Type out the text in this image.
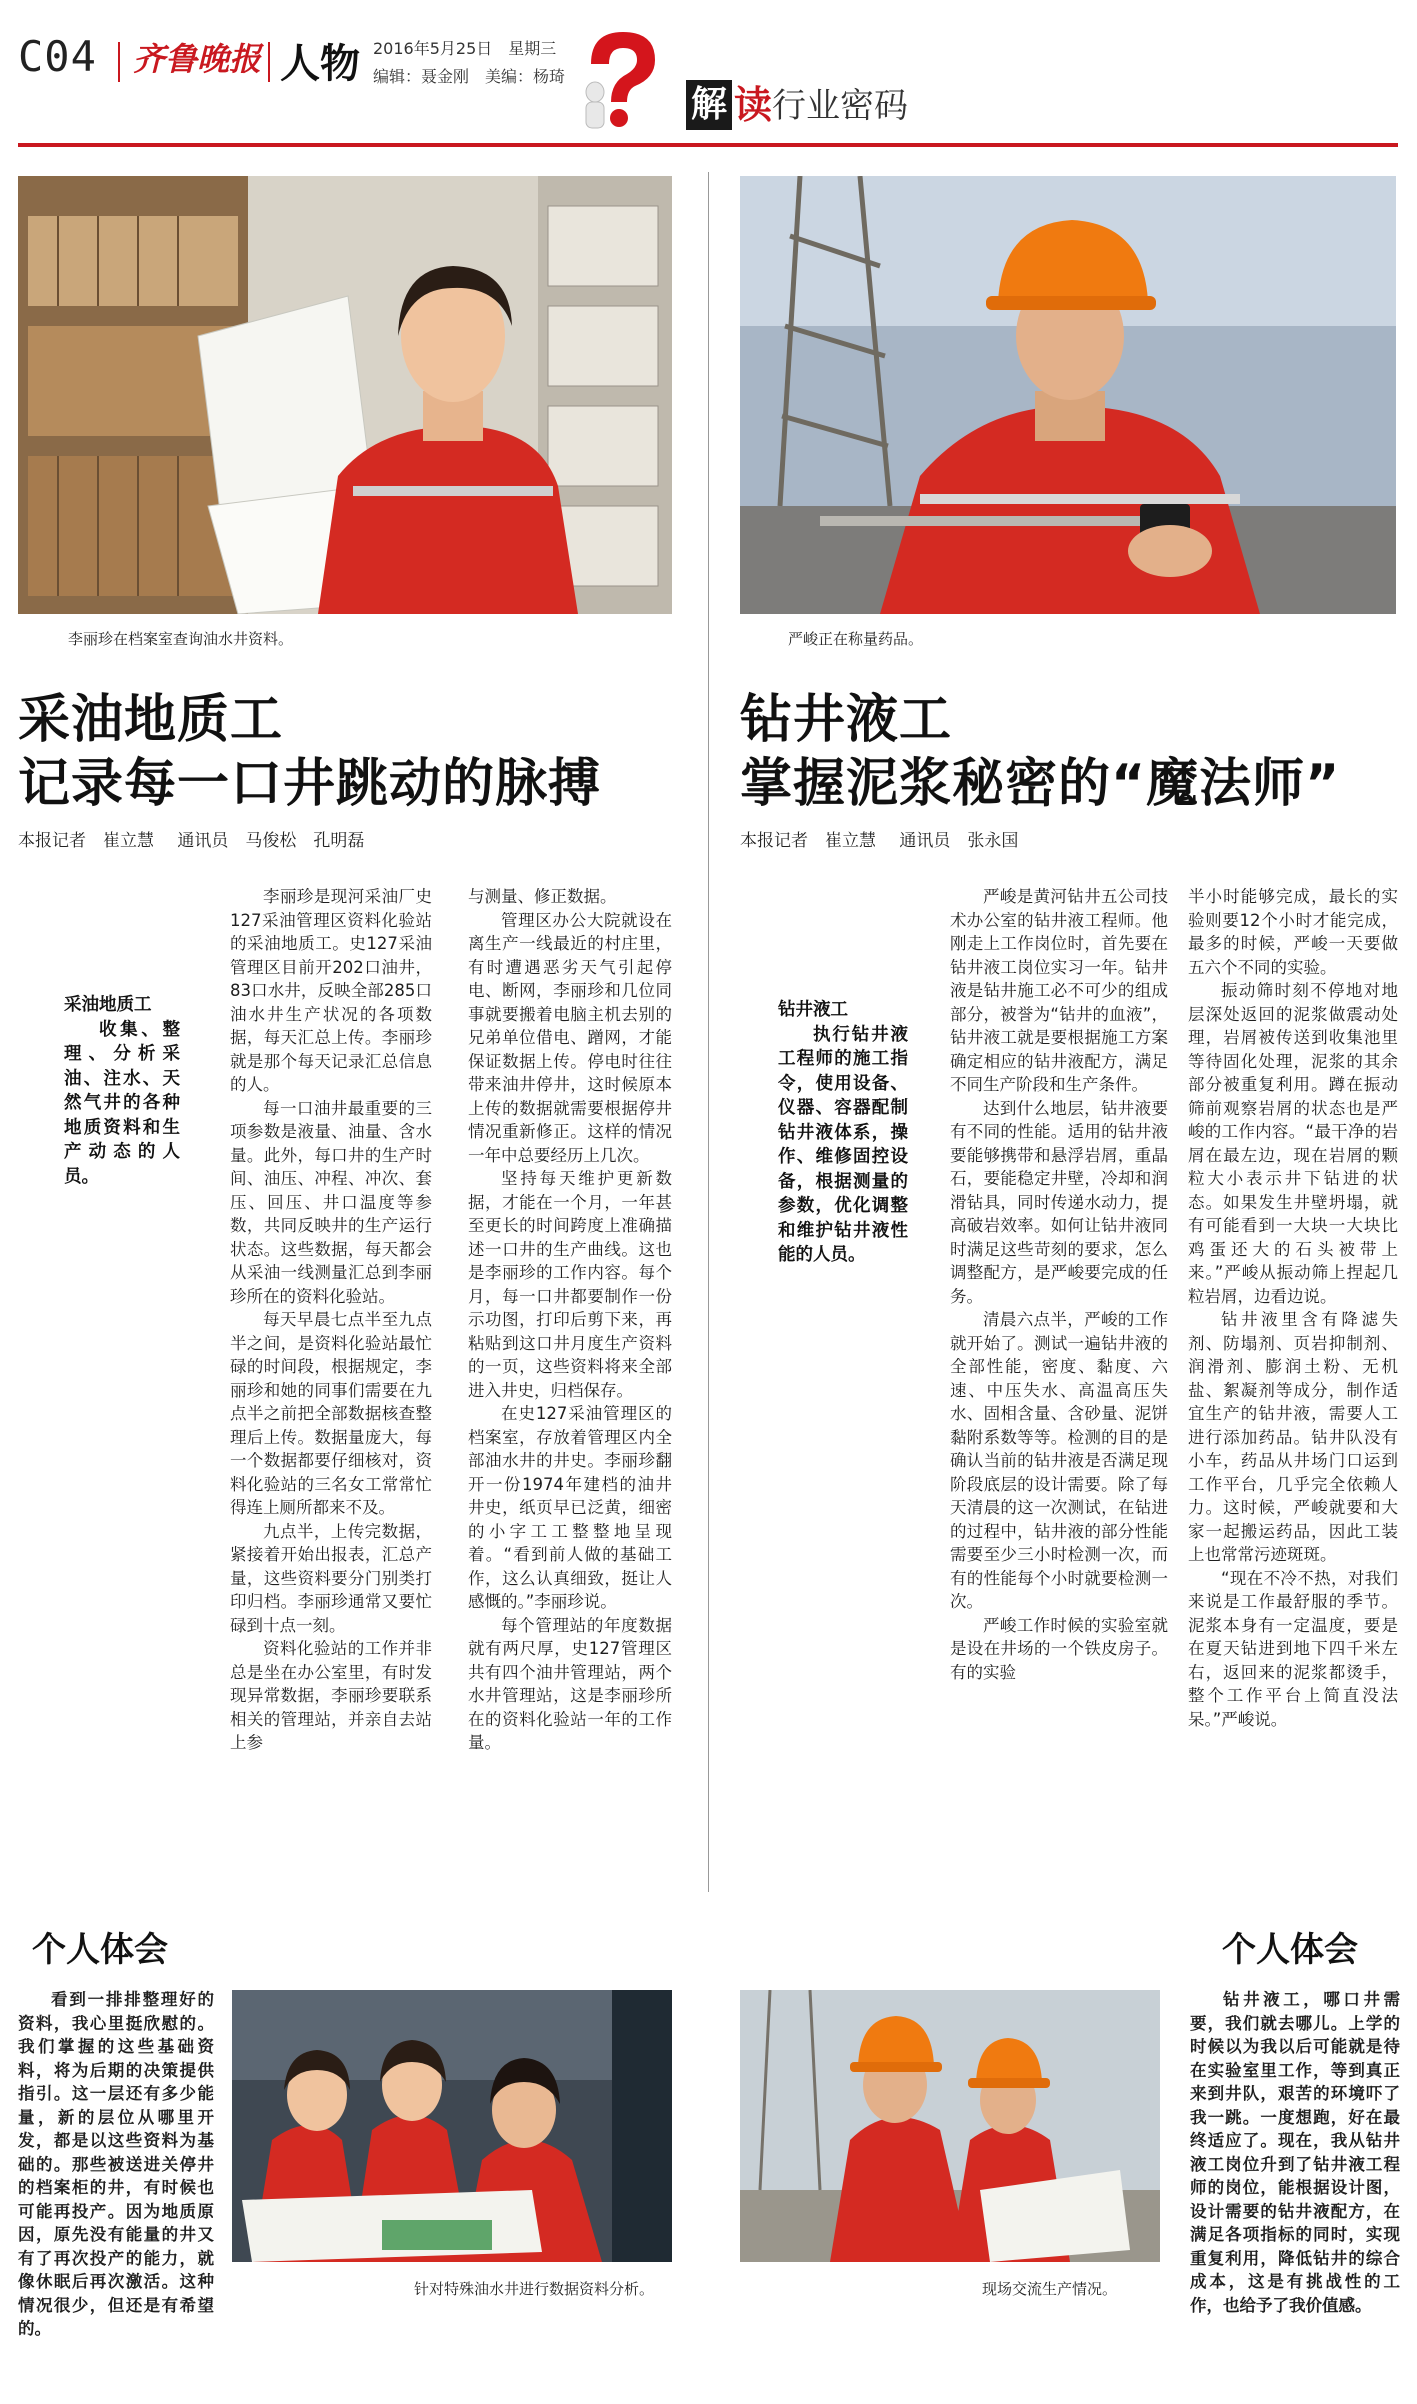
C04 齐鲁晚报 人物 2016年5月25日　星期三
编辑：聂金刚　美编：杨琦
解 读行业密码
李丽珍在档案室查询油水井资料。	严峻正在称量药品。
采油地质工
记录每一口井跳动的脉搏
本报记者　崔立慧 通讯员　马俊松　孔明磊
采油地质工
收集、整理、分析采油、注水、天然气井的各种地质资料和生产动态的人员。

李丽珍是现河采油厂史127采油管理区资料化验站的采油地质工。史127采油管理区目前开202口油井，83口水井，反映全部285口油水井生产状况的各项数据，每天汇总上传。李丽珍就是那个每天记录汇总信息的人。

每一口油井最重要的三项参数是液量、油量、含水量。此外，每口井的生产时间、油压、冲程、冲次、套压、回压、井口温度等参数，共同反映井的生产运行状态。这些数据，每天都会从采油一线测量汇总到李丽珍所在的资料化验站。

每天早晨七点半至九点半之间，是资料化验站最忙碌的时间段，根据规定，李丽珍和她的同事们需要在九点半之前把全部数据核查整理后上传。数据量庞大，每一个数据都要仔细核对，资料化验站的三名女工常常忙得连上厕所都来不及。

九点半，上传完数据，紧接着开始出报表，汇总产量，这些资料要分门别类打印归档。李丽珍通常又要忙碌到十点一刻。

资料化验站的工作并非总是坐在办公室里，有时发现异常数据，李丽珍要联系相关的管理站，并亲自去站上参

与测量、修正数据。

管理区办公大院就设在离生产一线最近的村庄里，有时遭遇恶劣天气引起停电、断网，李丽珍和几位同事就要搬着电脑主机去别的兄弟单位借电、蹭网，才能保证数据上传。停电时往往带来油井停井，这时候原本上传的数据就需要根据停井情况重新修正。这样的情况一年中总要经历上几次。

坚持每天维护更新数据，才能在一个月，一年甚至更长的时间跨度上准确描述一口井的生产曲线。这也是李丽珍的工作内容。每个月，每一口井都要制作一份示功图，打印后剪下来，再粘贴到这口井月度生产资料的一页，这些资料将来全部进入井史，归档保存。

在史127采油管理区的档案室，存放着管理区内全部油水井的井史。李丽珍翻开一份1974年建档的油井井史，纸页早已泛黄，细密的小字工工整整地呈现着。“看到前人做的基础工作，这么认真细致，挺让人感慨的。”李丽珍说。

每个管理站的年度数据就有两尺厚，史127管理区共有四个油井管理站，两个水井管理站，这是李丽珍所在的资料化验站一年的工作量。

个人体会

看到一排排整理好的资料，我心里挺欣慰的。我们掌握的这些基础资料，将为后期的决策提供指引。这一层还有多少能量，新的层位从哪里开发，都是以这些资料为基础的。那些被送进关停井的档案柜的井，有时候也可能再投产。因为地质原因，原先没有能量的井又有了再次投产的能力，就像休眠后再次激活。这种情况很少，但还是有希望的。

针对特殊油水井进行数据资料分析。
钻井液工
掌握泥浆秘密的“魔法师”
本报记者　崔立慧 通讯员　张永国
钻井液工
执行钻井液工程师的施工指令，使用设备、仪器、容器配制钻井液体系，操作、维修固控设备，根据测量的参数，优化调整和维护钻井液性能的人员。

严峻是黄河钻井五公司技术办公室的钻井液工程师。他刚走上工作岗位时，首先要在钻井液工岗位实习一年。钻井液是钻井施工必不可少的组成部分，被誉为“钻井的血液”，钻井液工就是要根据施工方案确定相应的钻井液配方，满足不同生产阶段和生产条件。

达到什么地层，钻井液要有不同的性能。适用的钻井液要能够携带和悬浮岩屑，重晶石，要能稳定井壁，冷却和润滑钻具，同时传递水动力，提高破岩效率。如何让钻井液同时满足这些苛刻的要求，怎么调整配方，是严峻要完成的任务。

清晨六点半，严峻的工作就开始了。测试一遍钻井液的全部性能，密度、黏度、六速、中压失水、高温高压失水、固相含量、含砂量、泥饼黏附系数等等。检测的目的是确认当前的钻井液是否满足现阶段底层的设计需要。除了每天清晨的这一次测试，在钻进的过程中，钻井液的部分性能需要至少三小时检测一次，而有的性能每个小时就要检测一次。

严峻工作时候的实验室就是设在井场的一个铁皮房子。有的实验

半小时能够完成，最长的实验则要12个小时才能完成，最多的时候，严峻一天要做五六个不同的实验。

振动筛时刻不停地对地层深处返回的泥浆做震动处理，岩屑被传送到收集池里等待固化处理，泥浆的其余部分被重复利用。蹲在振动筛前观察岩屑的状态也是严峻的工作内容。“最干净的岩屑在最左边，现在岩屑的颗粒大小表示井下钻进的状态。如果发生井壁坍塌，就有可能看到一大块一大块比鸡蛋还大的石头被带上来。”严峻从振动筛上捏起几粒岩屑，边看边说。

钻井液里含有降滤失剂、防塌剂、页岩抑制剂、润滑剂、膨润土粉、无机盐、絮凝剂等成分，制作适宜生产的钻井液，需要人工进行添加药品。钻井队没有小车，药品从井场门口运到工作平台，几乎完全依赖人力。这时候，严峻就要和大家一起搬运药品，因此工装上也常常污迹斑斑。

“现在不冷不热，对我们来说是工作最舒服的季节。泥浆本身有一定温度，要是在夏天钻进到地下四千米左右，返回来的泥浆都烫手，整个工作平台上简直没法呆。”严峻说。

个人体会
现场交流生产情况。

钻井液工，哪口井需要，我们就去哪儿。上学的时候以为我以后可能就是待在实验室里工作，等到真正来到井队，艰苦的环境吓了我一跳。一度想跑，好在最终适应了。现在，我从钻井液工岗位升到了钻井液工程师的岗位，能根据设计图，设计需要的钻井液配方，在满足各项指标的同时，实现重复利用，降低钻井的综合成本，这是有挑战性的工作，也给予了我价值感。
